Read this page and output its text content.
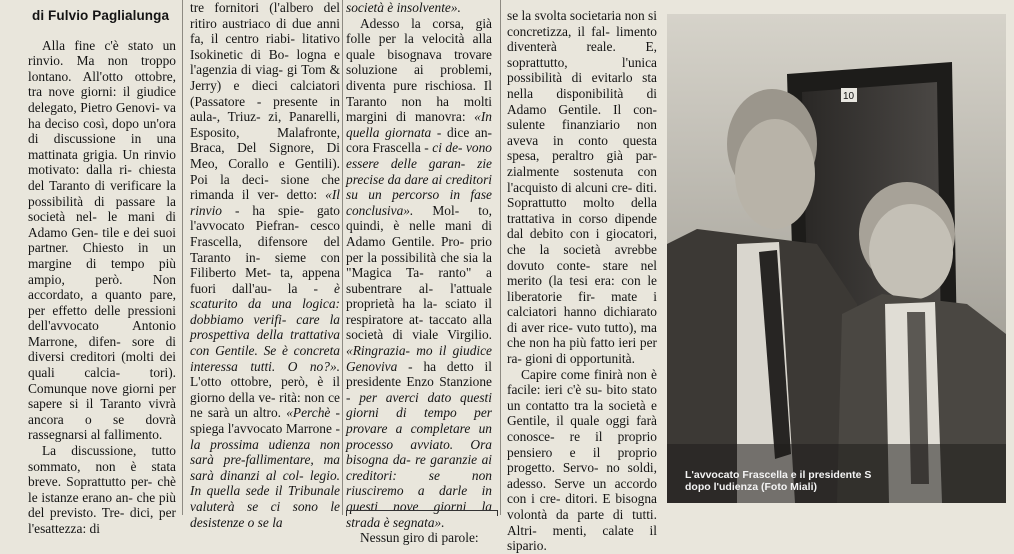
di Fulvio Paglialunga

Alla fine c'è stato un rinvio. Ma non troppo lontano. All'otto ottobre, tra nove giorni: il giudice delegato, Pietro Genovi- va ha deciso così, dopo un'ora di discussione in una mattinata grigia. Un rinvio motivato: dalla ri- chiesta del Taranto di verificare la possibilità di passare la società nel- le mani di Adamo Gen- tile e dei suoi partner. Chiesto in un margine di tempo più ampio, però. Non accordato, a quanto pare, per effetto delle pressioni dell'avvocato Antonio Marrone, difen- sore di diversi creditori (molti dei quali calcia- tori). Comunque nove giorni per sapere si il Taranto vivrà ancora o se dovrà rassegnarsi al fallimento.

La discussione, tutto sommato, non è stata breve. Soprattutto per- chè le istanze erano an- che più del previsto. Tre- dici, per l'esattezza: di

tre fornitori (l'albero del ritiro austriaco di due anni fa, il centro riabi- litativo Isokinetic di Bo- logna e l'agenzia di viag- gi Tom & Jerry) e dieci calciatori (Passatore - presente in aula-, Triuz- zi, Panarelli, Esposito, Malafronte, Braca, Del Signore, Di Meo, Corallo e Gentili). Poi la deci- sione che rimanda il ver- detto: «Il rinvio - ha spie- gato l'avvocato Piefran- cesco Frascella, difensore del Taranto in- sieme con Filiberto Met- ta, appena fuori dall'au- la - è scaturito da una logica: dobbiamo verifi- care la prospettiva della trattativa con Gentile. Se è concreta interessa tutti. O no?». L'otto ottobre, però, è il giorno della ve- rità: non ce ne sarà un altro. «Perchè - spiega l'avvocato Marrone - la prossima udienza non sarà pre-fallimentare, ma sarà dinanzi al col- legio. In quella sede il Tribunale valuterà se ci sono le desistenze o se la

società è insolvente».

Adesso la corsa, già folle per la velocità alla quale bisognava trovare soluzione ai problemi, diventa pure rischiosa. Il Taranto non ha molti margini di manovra: «In quella giornata - dice an- cora Frascella - ci de- vono essere delle garan- zie precise da dare ai creditori su un percorso in fase conclusiva». Mol- to, quindi, è nelle mani di Adamo Gentile. Pro- prio per la possibilità che sia la "Magica Ta- ranto" a subentrare al- l'attuale proprietà ha la- sciato il respiratore at- taccato alla società di viale Virgilio. «Ringrazia- mo il giudice Genoviva - ha detto il presidente Enzo Stanzione - per averci dato questi giorni di tempo per provare a completare un processo avviato. Ora bisogna da- re garanzie ai creditori: se non riusciremo a darle in questi nove giorni la strada è segnata».

Nessun giro di parole:

se la svolta societaria non si concretizza, il fal- limento diventerà reale. E, soprattutto, l'unica possibilità di evitarlo sta nella disponibilità di Adamo Gentile. Il con- sulente finanziario non aveva in conto questa spesa, peraltro già par- zialmente sostenuta con l'acquisto di alcuni cre- diti. Soprattutto molto della trattativa in corso dipende dal debito con i giocatori, che la società avrebbe dovuto conte- stare nel merito (la tesi era: con le liberatorie fir- mate i calciatori hanno dichiarato di aver rice- vuto tutto), ma che non ha più fatto ieri per ra- gioni di opportunità.

Capire come finirà non è facile: ieri c'è su- bito stato un contatto tra la società e Gentile, il quale oggi farà conosce- re il proprio pensiero e il proprio progetto. Servo- no soldi, adesso. Serve un accordo con i cre- ditori. E bisogna volontà da parte di tutti. Altri- menti, calate il sipario.

10
L'avvocato Frascella e il presidente S
dopo l'udienza (Foto Miali)
